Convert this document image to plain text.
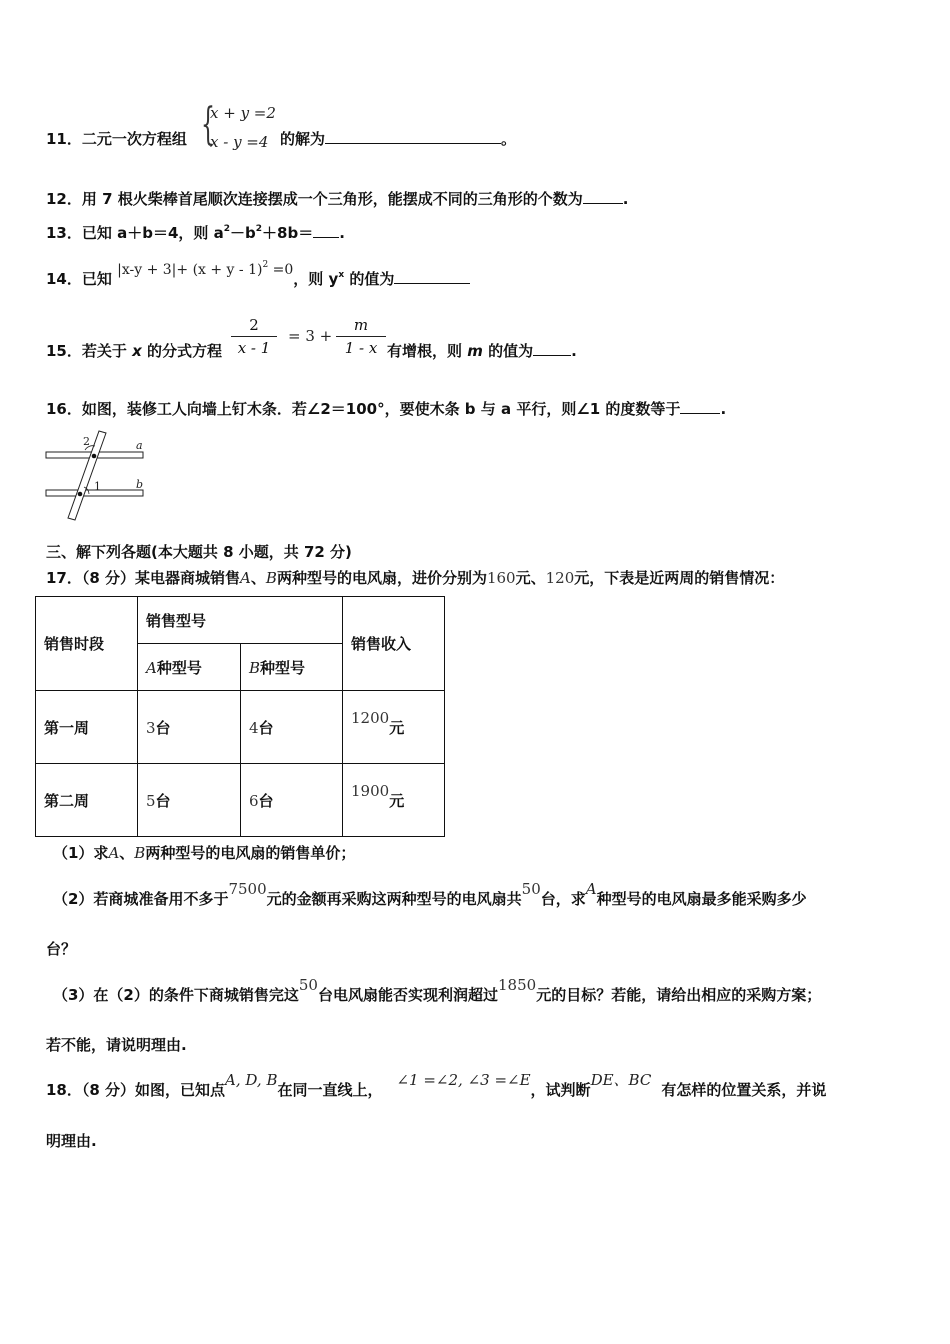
11．二元一次方程组 {
x + y =2
x - y =4 的解为	。
12．用 7 根火柴棒首尾顺次连接摆成一个三角形，能摆成不同的三角形的个数为	.
13．已知 a＋b＝4，则 $a^2-b^2+8b=$ .
14．已知 $|x-y + 3|+ (x + y - 1)^2 =0$，则 $y^x$ 的值为
15．若关于 x 的分式方程
2
x - 1
= 3 +
m
1 - x 有增根，则 m 的值为	.
16．如图，装修工人向墙上钉木条．若∠2＝100°，要使木条 b 与 a 平行，则∠1 的度数等于	.
2
1
a
b
三、解下列各题(本大题共 8 小题，共 72 分)
17．（8 分）某电器商城销售A、B两种型号的电风扇，进价分别为160元、120元，下表是近两周的销售情况：
销售时段	销售型号		销售收入
	A种型号	B种型号	
第一周	3台	4台	1200元
第二周	5台	6台	1900元
（1）求A、B两种型号的电风扇的销售单价；
（2）若商城准备用不多于7500元的金额再采购这两种型号的电风扇共50台，求A种型号的电风扇最多能采购多少
台？
（3）在（2）的条件下商城销售完这50台电风扇能否实现利润超过1850元的目标？若能，请给出相应的采购方案；
若不能，请说明理由.
18．（8 分）如图，已知点A, D, B在同一直线上，∠1 =∠2, ∠3 =∠E，试判断DE、BC有怎样的位置关系，并说
明理由.
